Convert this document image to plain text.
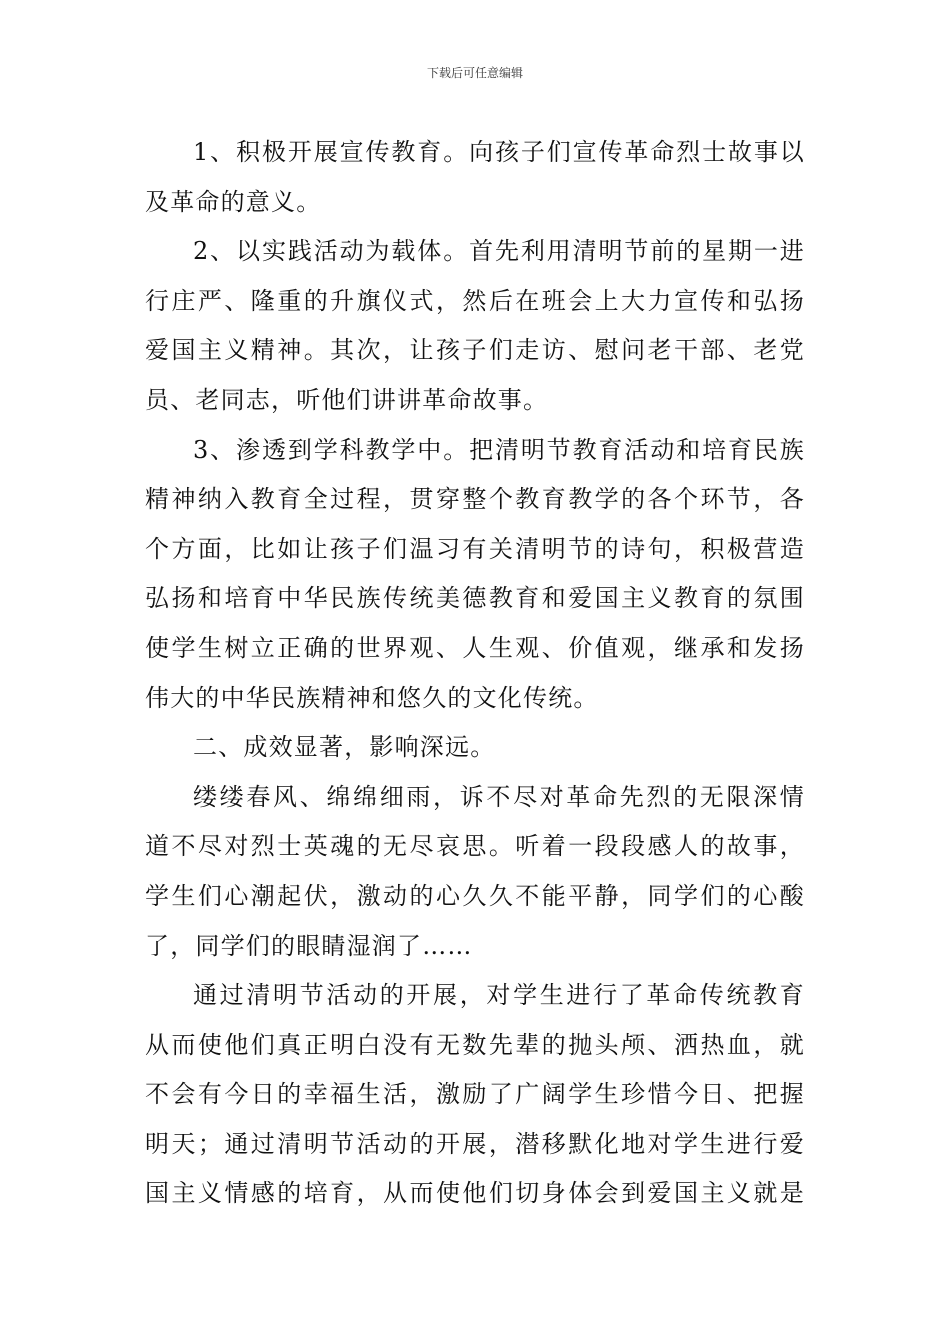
下载后可任意编辑
1、积极开展宣传教育。向孩子们宣传革命烈士故事以
及革命的意义。
2、以实践活动为载体。首先利用清明节前的星期一进
行庄严、隆重的升旗仪式，然后在班会上大力宣传和弘扬
爱国主义精神。其次，让孩子们走访、慰问老干部、老党
员、老同志，听他们讲讲革命故事。
3、渗透到学科教学中。把清明节教育活动和培育民族
精神纳入教育全过程，贯穿整个教育教学的各个环节，各
个方面，比如让孩子们温习有关清明节的诗句，积极营造
弘扬和培育中华民族传统美德教育和爱国主义教育的氛围
使学生树立正确的世界观、人生观、价值观，继承和发扬
伟大的中华民族精神和悠久的文化传统。
二、成效显著，影响深远。
缕缕春风、绵绵细雨，诉不尽对革命先烈的无限深情
道不尽对烈士英魂的无尽哀思。听着一段段感人的故事，
学生们心潮起伏，激动的心久久不能平静，同学们的心酸
了，同学们的眼睛湿润了……
通过清明节活动的开展，对学生进行了革命传统教育
从而使他们真正明白没有无数先辈的抛头颅、洒热血，就
不会有今日的幸福生活，激励了广阔学生珍惜今日、把握
明天；通过清明节活动的开展，潜移默化地对学生进行爱
国主义情感的培育，从而使他们切身体会到爱国主义就是
